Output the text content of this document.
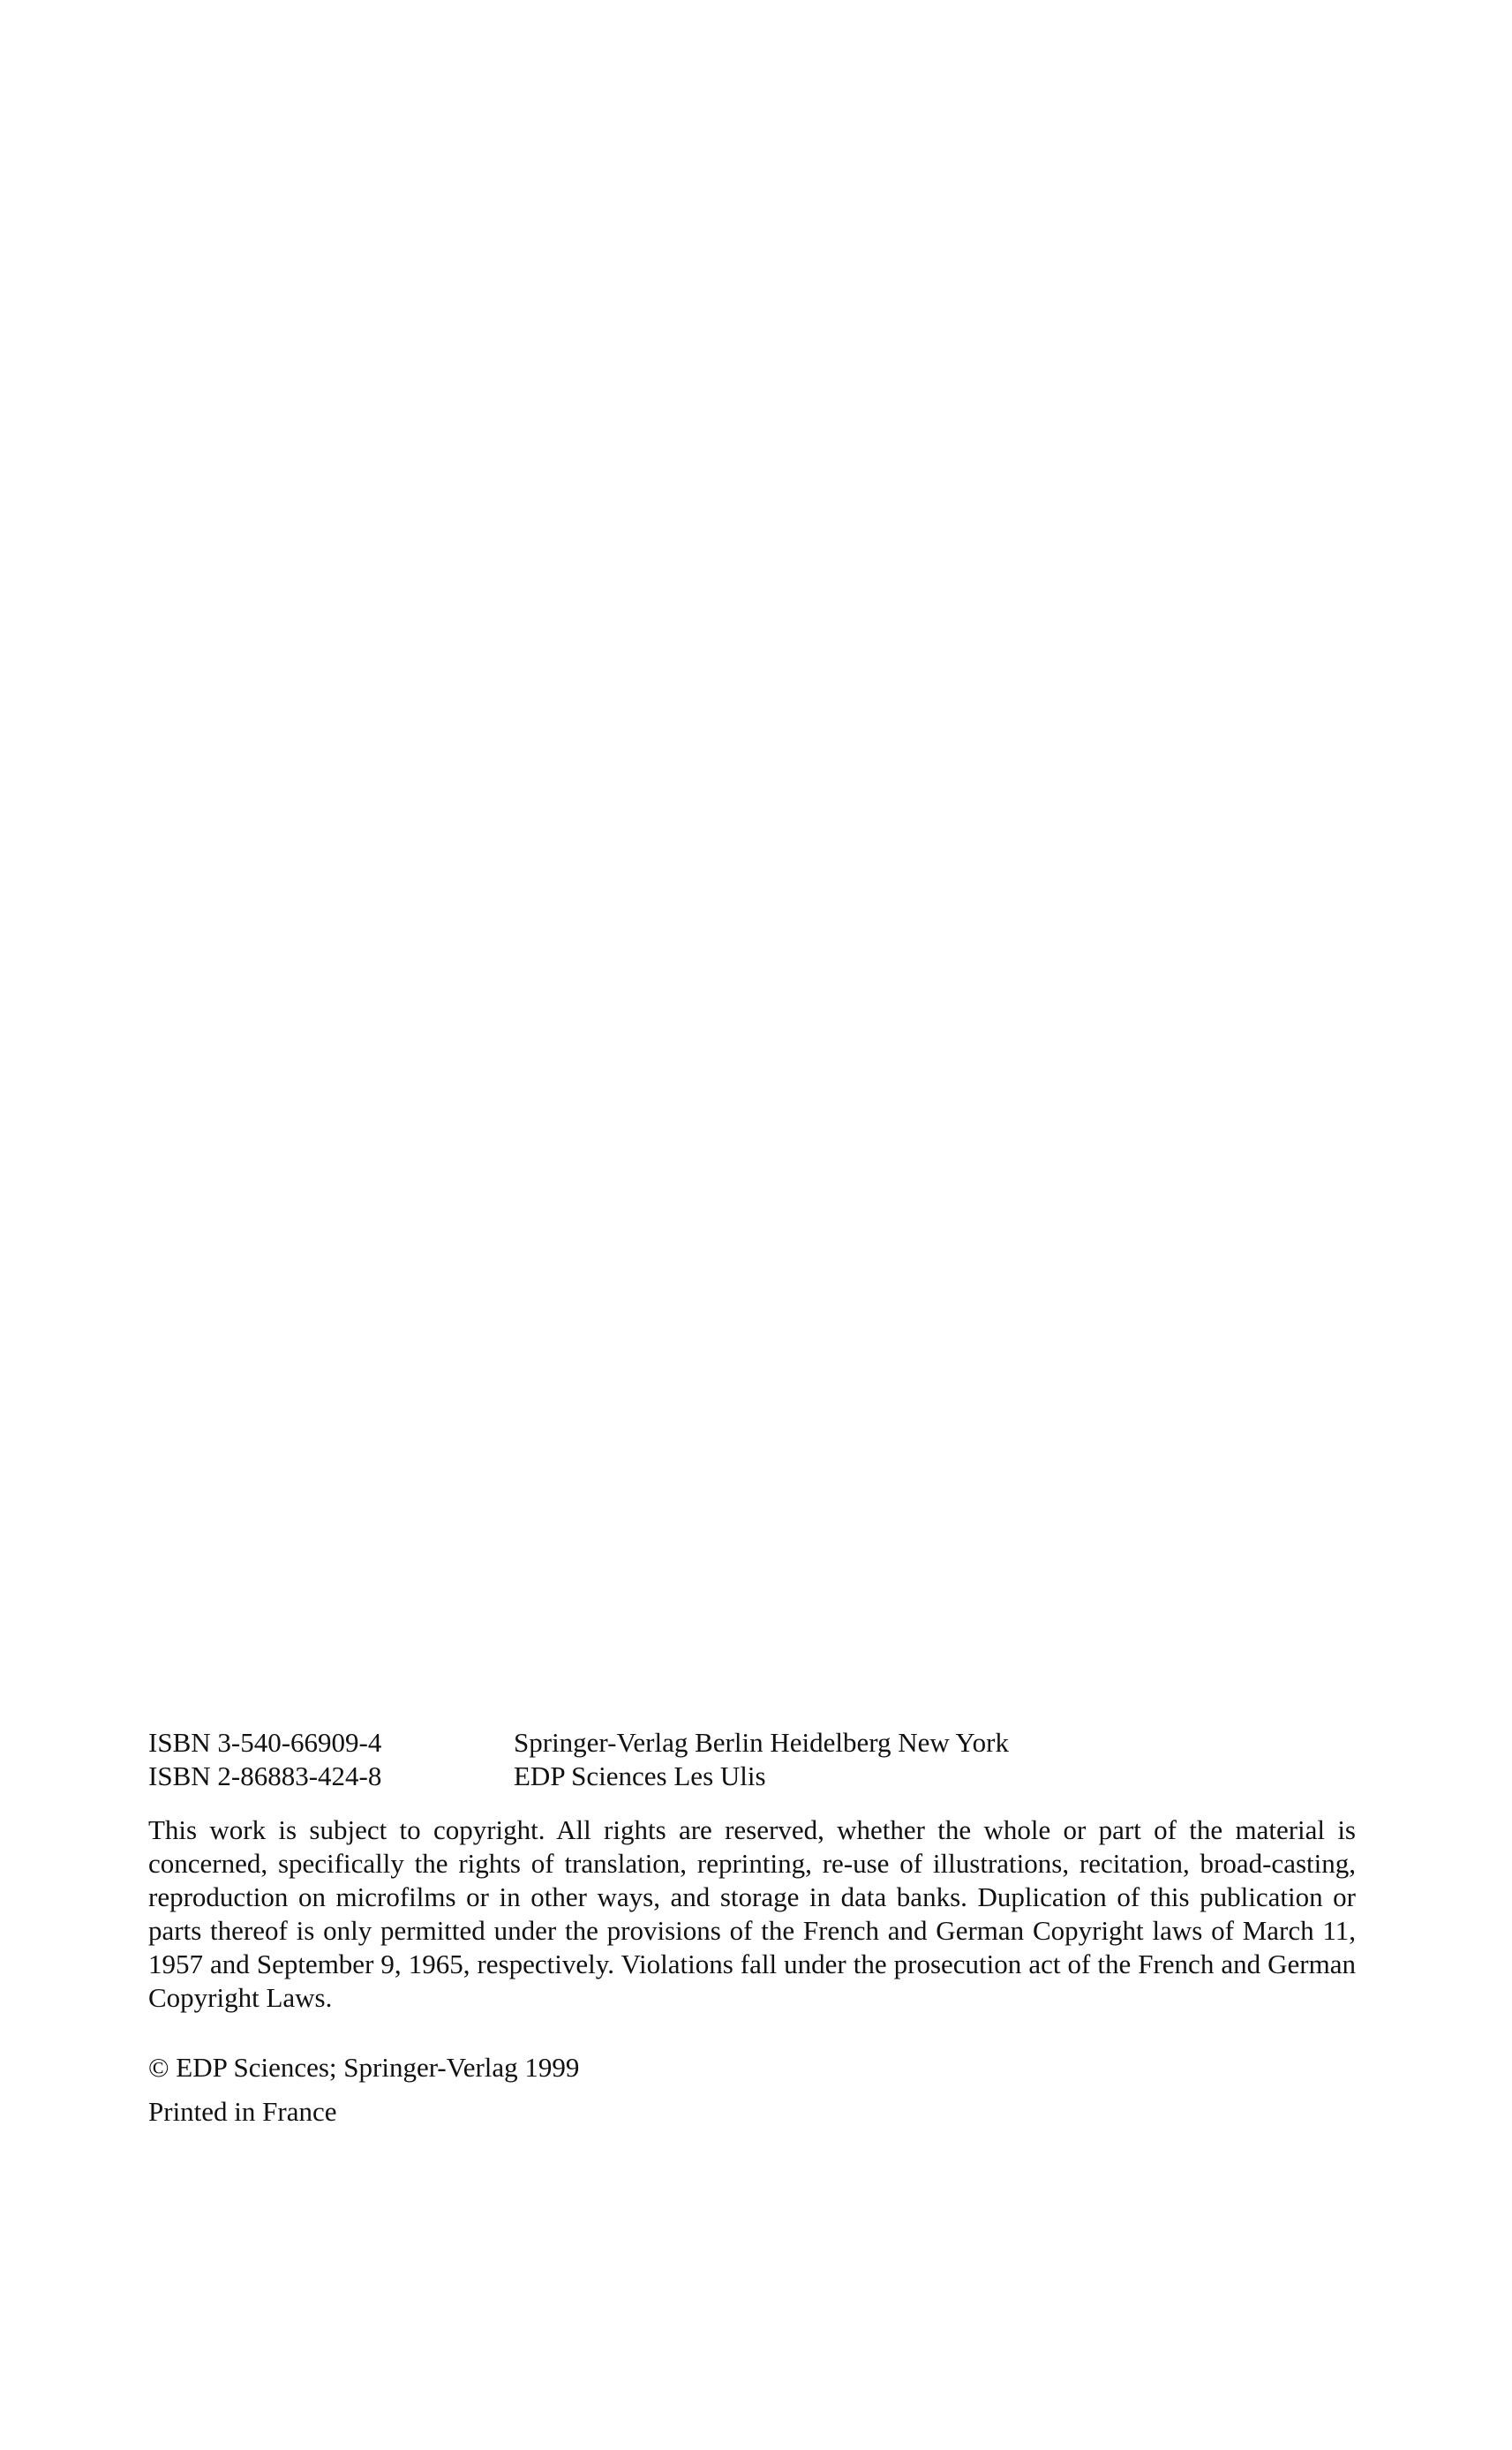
ISBN 3-540-66909-4	Springer-Verlag Berlin Heidelberg New York
ISBN 2-86883-424-8	EDP Sciences Les Ulis

This work is subject to copyright. All rights are reserved, whether the whole or part of the material is concerned, specifically the rights of translation, reprinting, re-use of illustrations, recitation, broad-casting, reproduction on microfilms or in other ways, and storage in data banks. Duplication of this publication or parts thereof is only permitted under the provisions of the French and German Copyright laws of March 11, 1957 and September 9, 1965, respectively. Violations fall under the prosecution act of the French and German Copyright Laws.

© EDP Sciences; Springer-Verlag 1999
Printed in France
